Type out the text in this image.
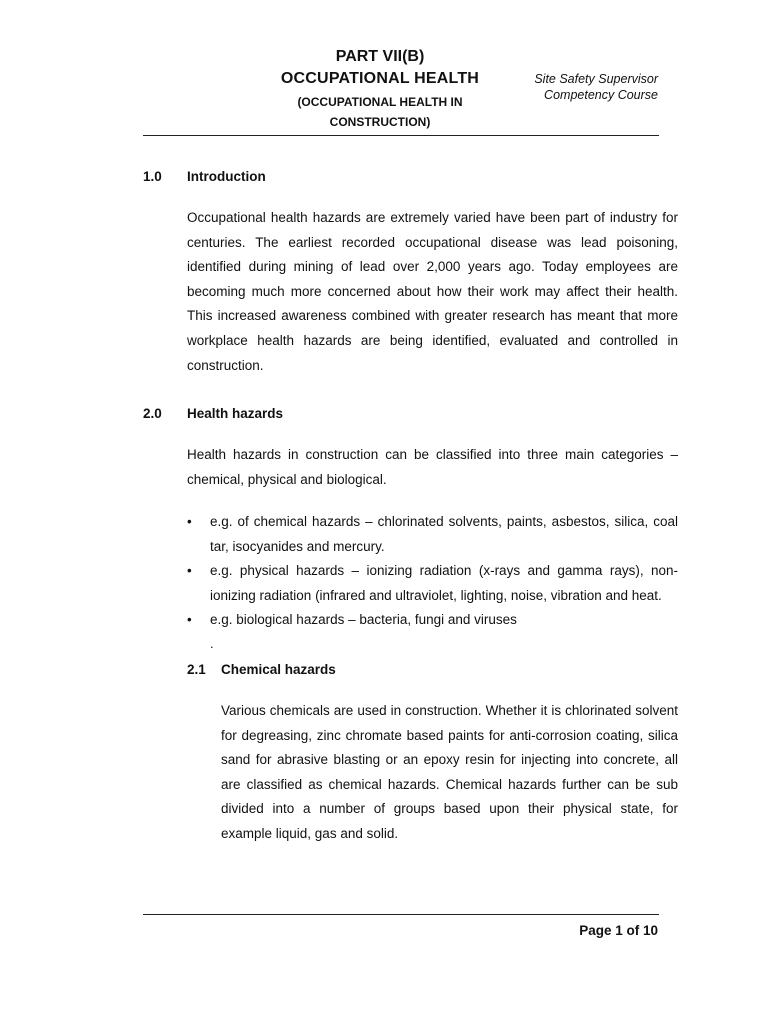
PART VII(B)
OCCUPATIONAL HEALTH
(OCCUPATIONAL HEALTH IN
CONSTRUCTION)
Site Safety Supervisor
Competency Course
1.0 Introduction

Occupational health hazards are extremely varied have been part of industry for centuries. The earliest recorded occupational disease was lead poisoning, identified during mining of lead over 2,000 years ago. Today employees are becoming much more concerned about how their work may affect their health. This increased awareness combined with greater research has meant that more workplace health hazards are being identified, evaluated and controlled in construction.

2.0 Health hazards

Health hazards in construction can be classified into three main categories – chemical, physical and biological.

• e.g. of chemical hazards – chlorinated solvents, paints, asbestos, silica, coal tar, isocyanides and mercury.
• e.g. physical hazards – ionizing radiation (x-rays and gamma rays), non-ionizing radiation (infrared and ultraviolet, lighting, noise, vibration and heat.
• e.g. biological hazards – bacteria, fungi and viruses
.
2.1 Chemical hazards

Various chemicals are used in construction. Whether it is chlorinated solvent for degreasing, zinc chromate based paints for anti-corrosion coating, silica sand for abrasive blasting or an epoxy resin for injecting into concrete, all are classified as chemical hazards. Chemical hazards further can be sub divided into a number of groups based upon their physical state, for example liquid, gas and solid.

Page 1 of 10
